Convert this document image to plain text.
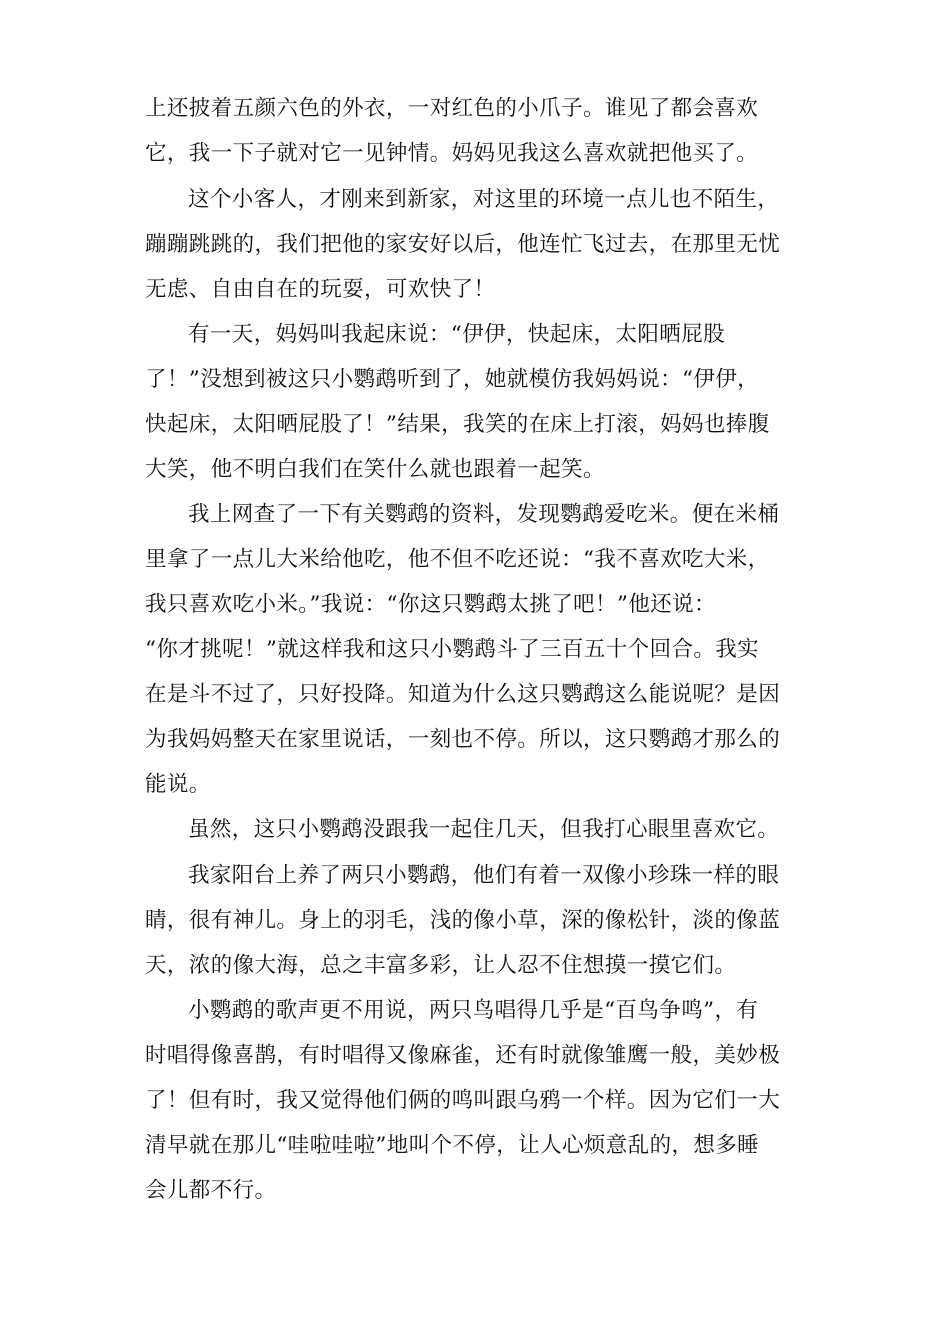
上还披着五颜六色的外衣，一对红色的小爪子。谁见了都会喜欢
它，我一下子就对它一见钟情。妈妈见我这么喜欢就把他买了。
这个小客人，才刚来到新家，对这里的环境一点儿也不陌生，
蹦蹦跳跳的，我们把他的家安好以后，他连忙飞过去，在那里无忧
无虑、自由自在的玩耍，可欢快了！
有一天，妈妈叫我起床说：“伊伊，快起床，太阳晒屁股
了！”没想到被这只小鹦鹉听到了，她就模仿我妈妈说：“伊伊，
快起床，太阳晒屁股了！”结果，我笑的在床上打滚，妈妈也捧腹
大笑，他不明白我们在笑什么就也跟着一起笑。
我上网查了一下有关鹦鹉的资料，发现鹦鹉爱吃米。便在米桶
里拿了一点儿大米给他吃，他不但不吃还说：“我不喜欢吃大米，
我只喜欢吃小米。”我说：“你这只鹦鹉太挑了吧！”他还说：
“你才挑呢！”就这样我和这只小鹦鹉斗了三百五十个回合。我实
在是斗不过了，只好投降。知道为什么这只鹦鹉这么能说呢？是因
为我妈妈整天在家里说话，一刻也不停。所以，这只鹦鹉才那么的
能说。
虽然，这只小鹦鹉没跟我一起住几天，但我打心眼里喜欢它。
我家阳台上养了两只小鹦鹉，他们有着一双像小珍珠一样的眼
睛，很有神儿。身上的羽毛，浅的像小草，深的像松针，淡的像蓝
天，浓的像大海，总之丰富多彩，让人忍不住想摸一摸它们。
小鹦鹉的歌声更不用说，两只鸟唱得几乎是“百鸟争鸣”，有
时唱得像喜鹊，有时唱得又像麻雀，还有时就像雏鹰一般，美妙极
了！但有时，我又觉得他们俩的鸣叫跟乌鸦一个样。因为它们一大
清早就在那儿“哇啦哇啦”地叫个不停，让人心烦意乱的，想多睡
会儿都不行。
